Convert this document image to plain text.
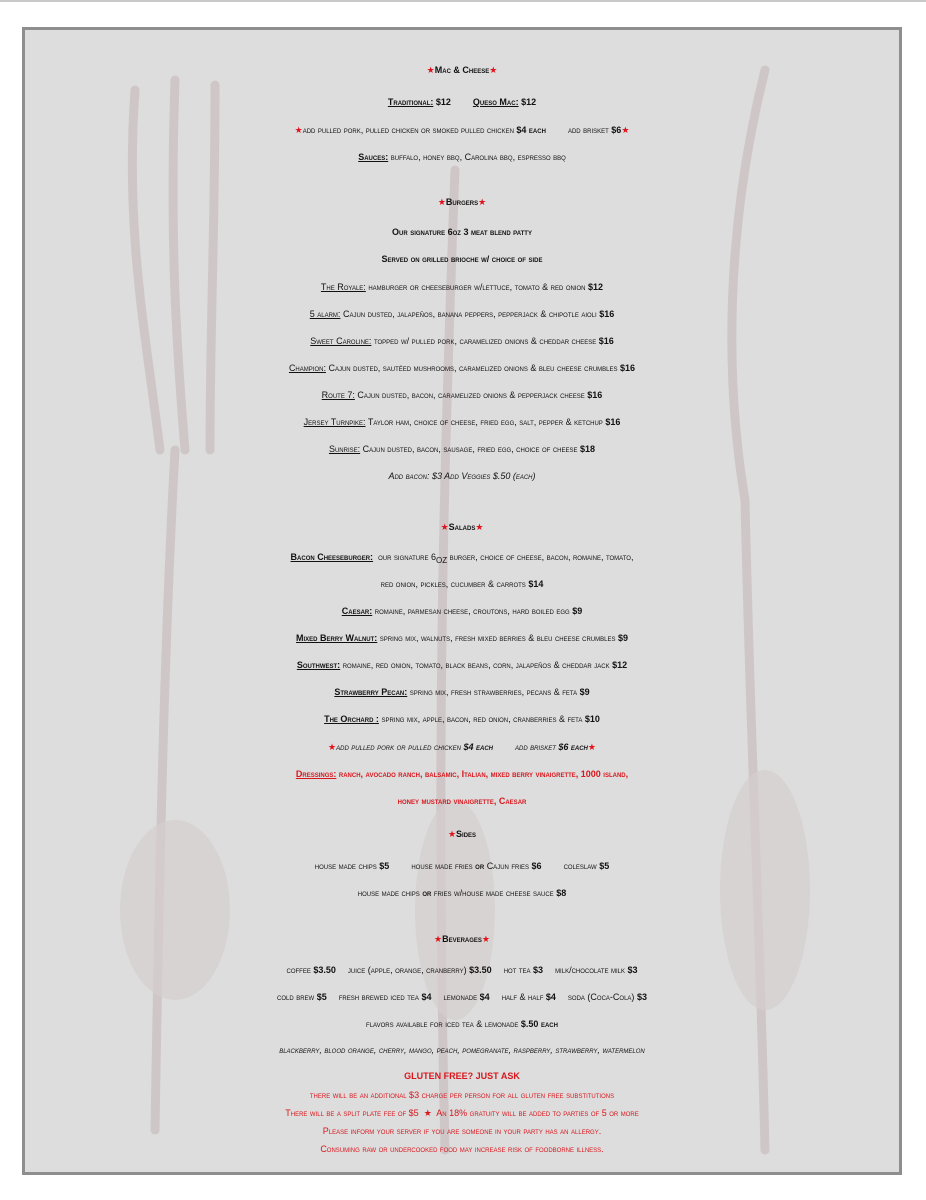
★Mac & Cheese★
Traditional: $12 Queso Mac: $12
★add pulled pork, pulled chicken or smoked pulled chicken $4 each add brisket $6★
Sauces: buffalo, honey bbq, Carolina bbq, espresso bbq
★Burgers★
Our signature 6oz 3 meat blend patty
Served on grilled brioche w/ choice of side
The Royale: hamburger or cheeseburger w/lettuce, tomato & red onion $12
5 alarm: Cajun dusted, jalapeños, banana peppers, pepperjack & chipotle aioli $16
Sweet Caroline: topped w/ pulled pork, caramelized onions & cheddar cheese $16
Champion: Cajun dusted, sautéed mushrooms, caramelized onions & bleu cheese crumbles $16
Route 7: Cajun dusted, bacon, caramelized onions & pepperjack cheese $16
Jersey Turnpike: Taylor ham, choice of cheese, fried egg, salt, pepper & ketchup $16
Sunrise: Cajun dusted, bacon, sausage, fried egg, choice of cheese $18
Add bacon: $3 Add Veggies $.50 (each)
★Salads★
Bacon Cheeseburger: our signature $6_{oz}$ burger, choice of cheese, bacon, romaine, tomato,
red onion, pickles, cucumber & carrots $14
Caesar: romaine, parmesan cheese, croutons, hard boiled egg $9
Mixed Berry Walnut: spring mix, walnuts, fresh mixed berries & bleu cheese crumbles $9
Southwest: romaine, red onion, tomato, black beans, corn, jalapeños & cheddar jack $12
Strawberry Pecan: spring mix, fresh strawberries, pecans & feta $9
The Orchard : spring mix, apple, bacon, red onion, cranberries & feta $10
★add pulled pork or pulled chicken $4 each add brisket $6 each★
Dressings: ranch, avocado ranch, balsamic, Italian, mixed berry vinaigrette, 1000 island,
honey mustard vinaigrette, Caesar
★Sides
house made chips $5 house made fries or Cajun fries $6 coleslaw $5
house made chips or fries w/house made cheese sauce $8
★Beverages★
coffee $3.50 juice (apple, orange, cranberry) $3.50 hot tea $3 milk/chocolate milk $3
cold brew $5 fresh brewed iced tea $4 lemonade $4 half & half $4 soda (Coca-Cola) $3
flavors available for iced tea & lemonade $.50 each
blackberry, blood orange, cherry, mango, peach, pomegranate, raspberry, strawberry, watermelon
GLUTEN FREE? JUST ASK
there will be an additional $3 charge per person for all gluten free substitutions
There will be a split plate fee of $5 ★ An 18% gratuity will be added to parties of 5 or more
Please inform your server if you are someone in your party has an allergy.
Consuming raw or undercooked food may increase risk of foodborne illness.
